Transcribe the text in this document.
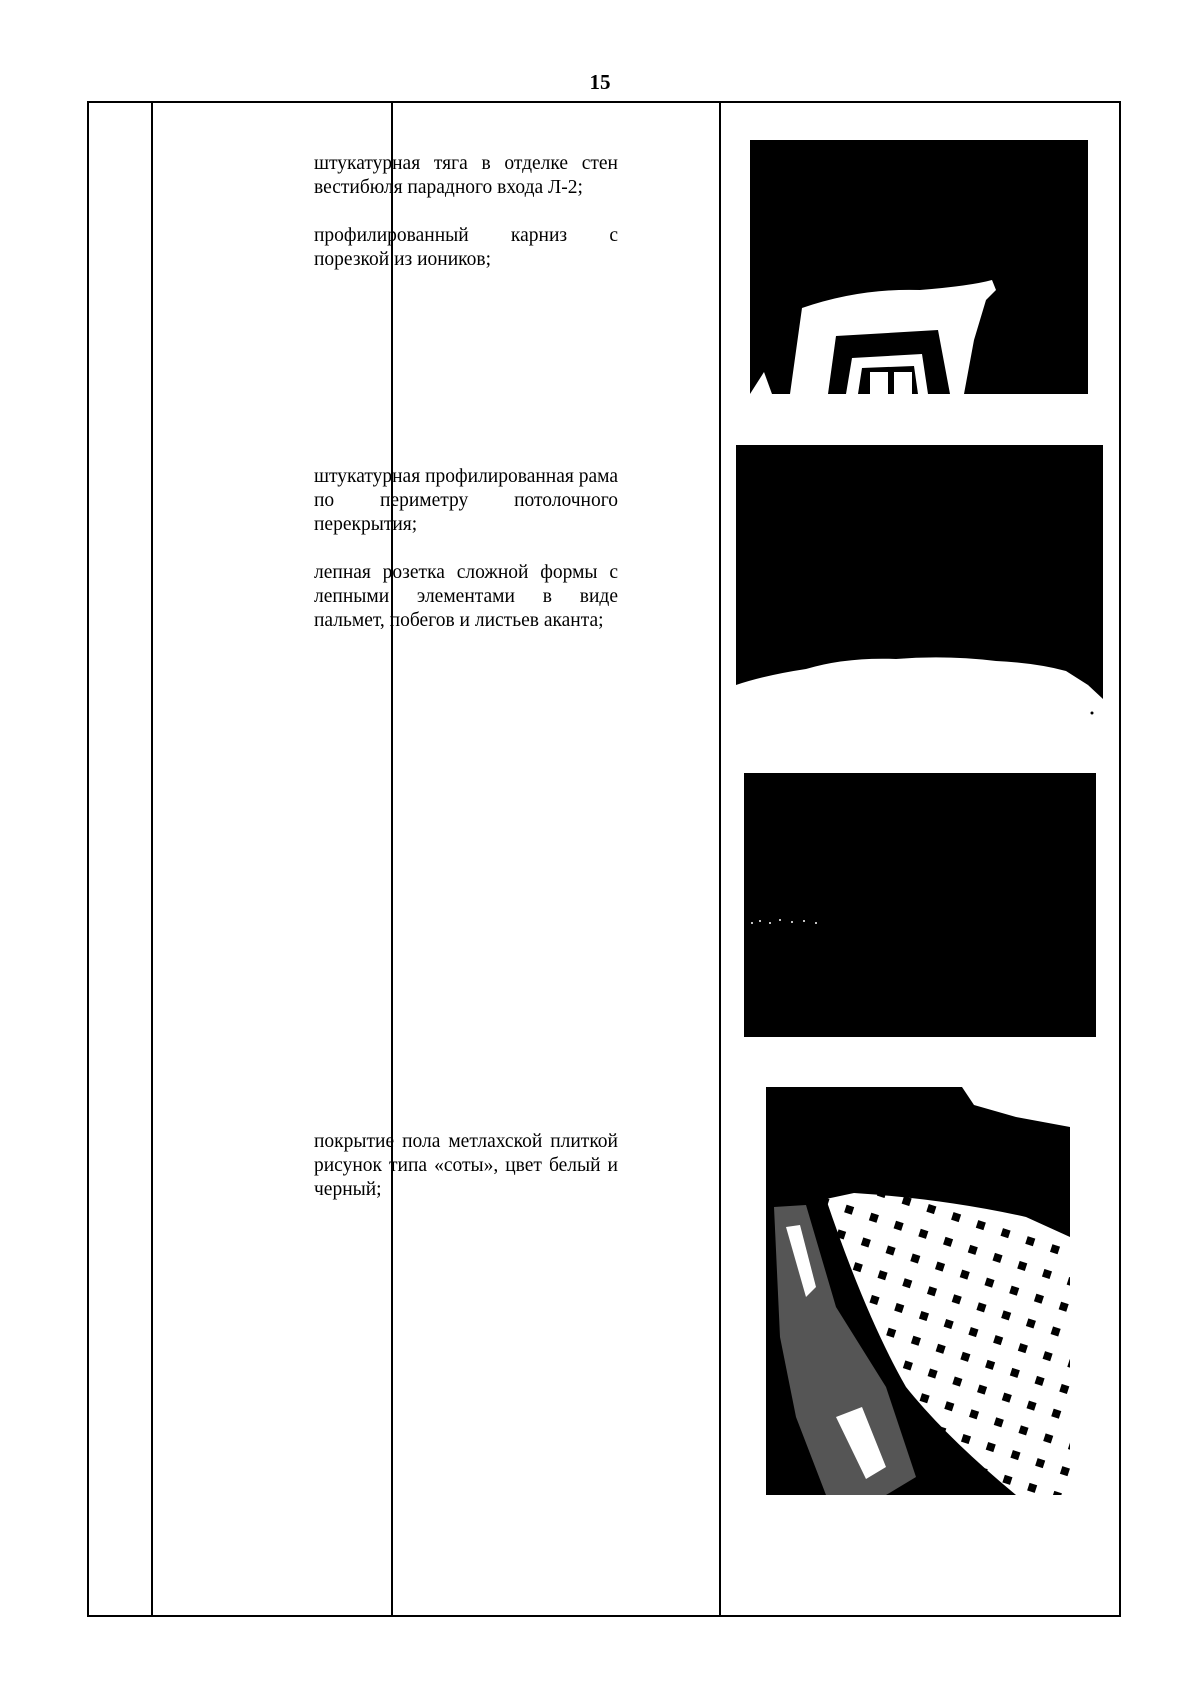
15

штукатурная тяга в отделке стен вестибюля парадного входа Л-2;

профилированный карниз с порезкой из иоников;

штукатурная профилированная рама по периметру потолочного перекрытия;

лепная розетка сложной формы с лепными элементами в виде пальмет, побегов и листьев аканта;

покрытие пола метлахской плиткой рисунок типа «соты», цвет белый и черный;
